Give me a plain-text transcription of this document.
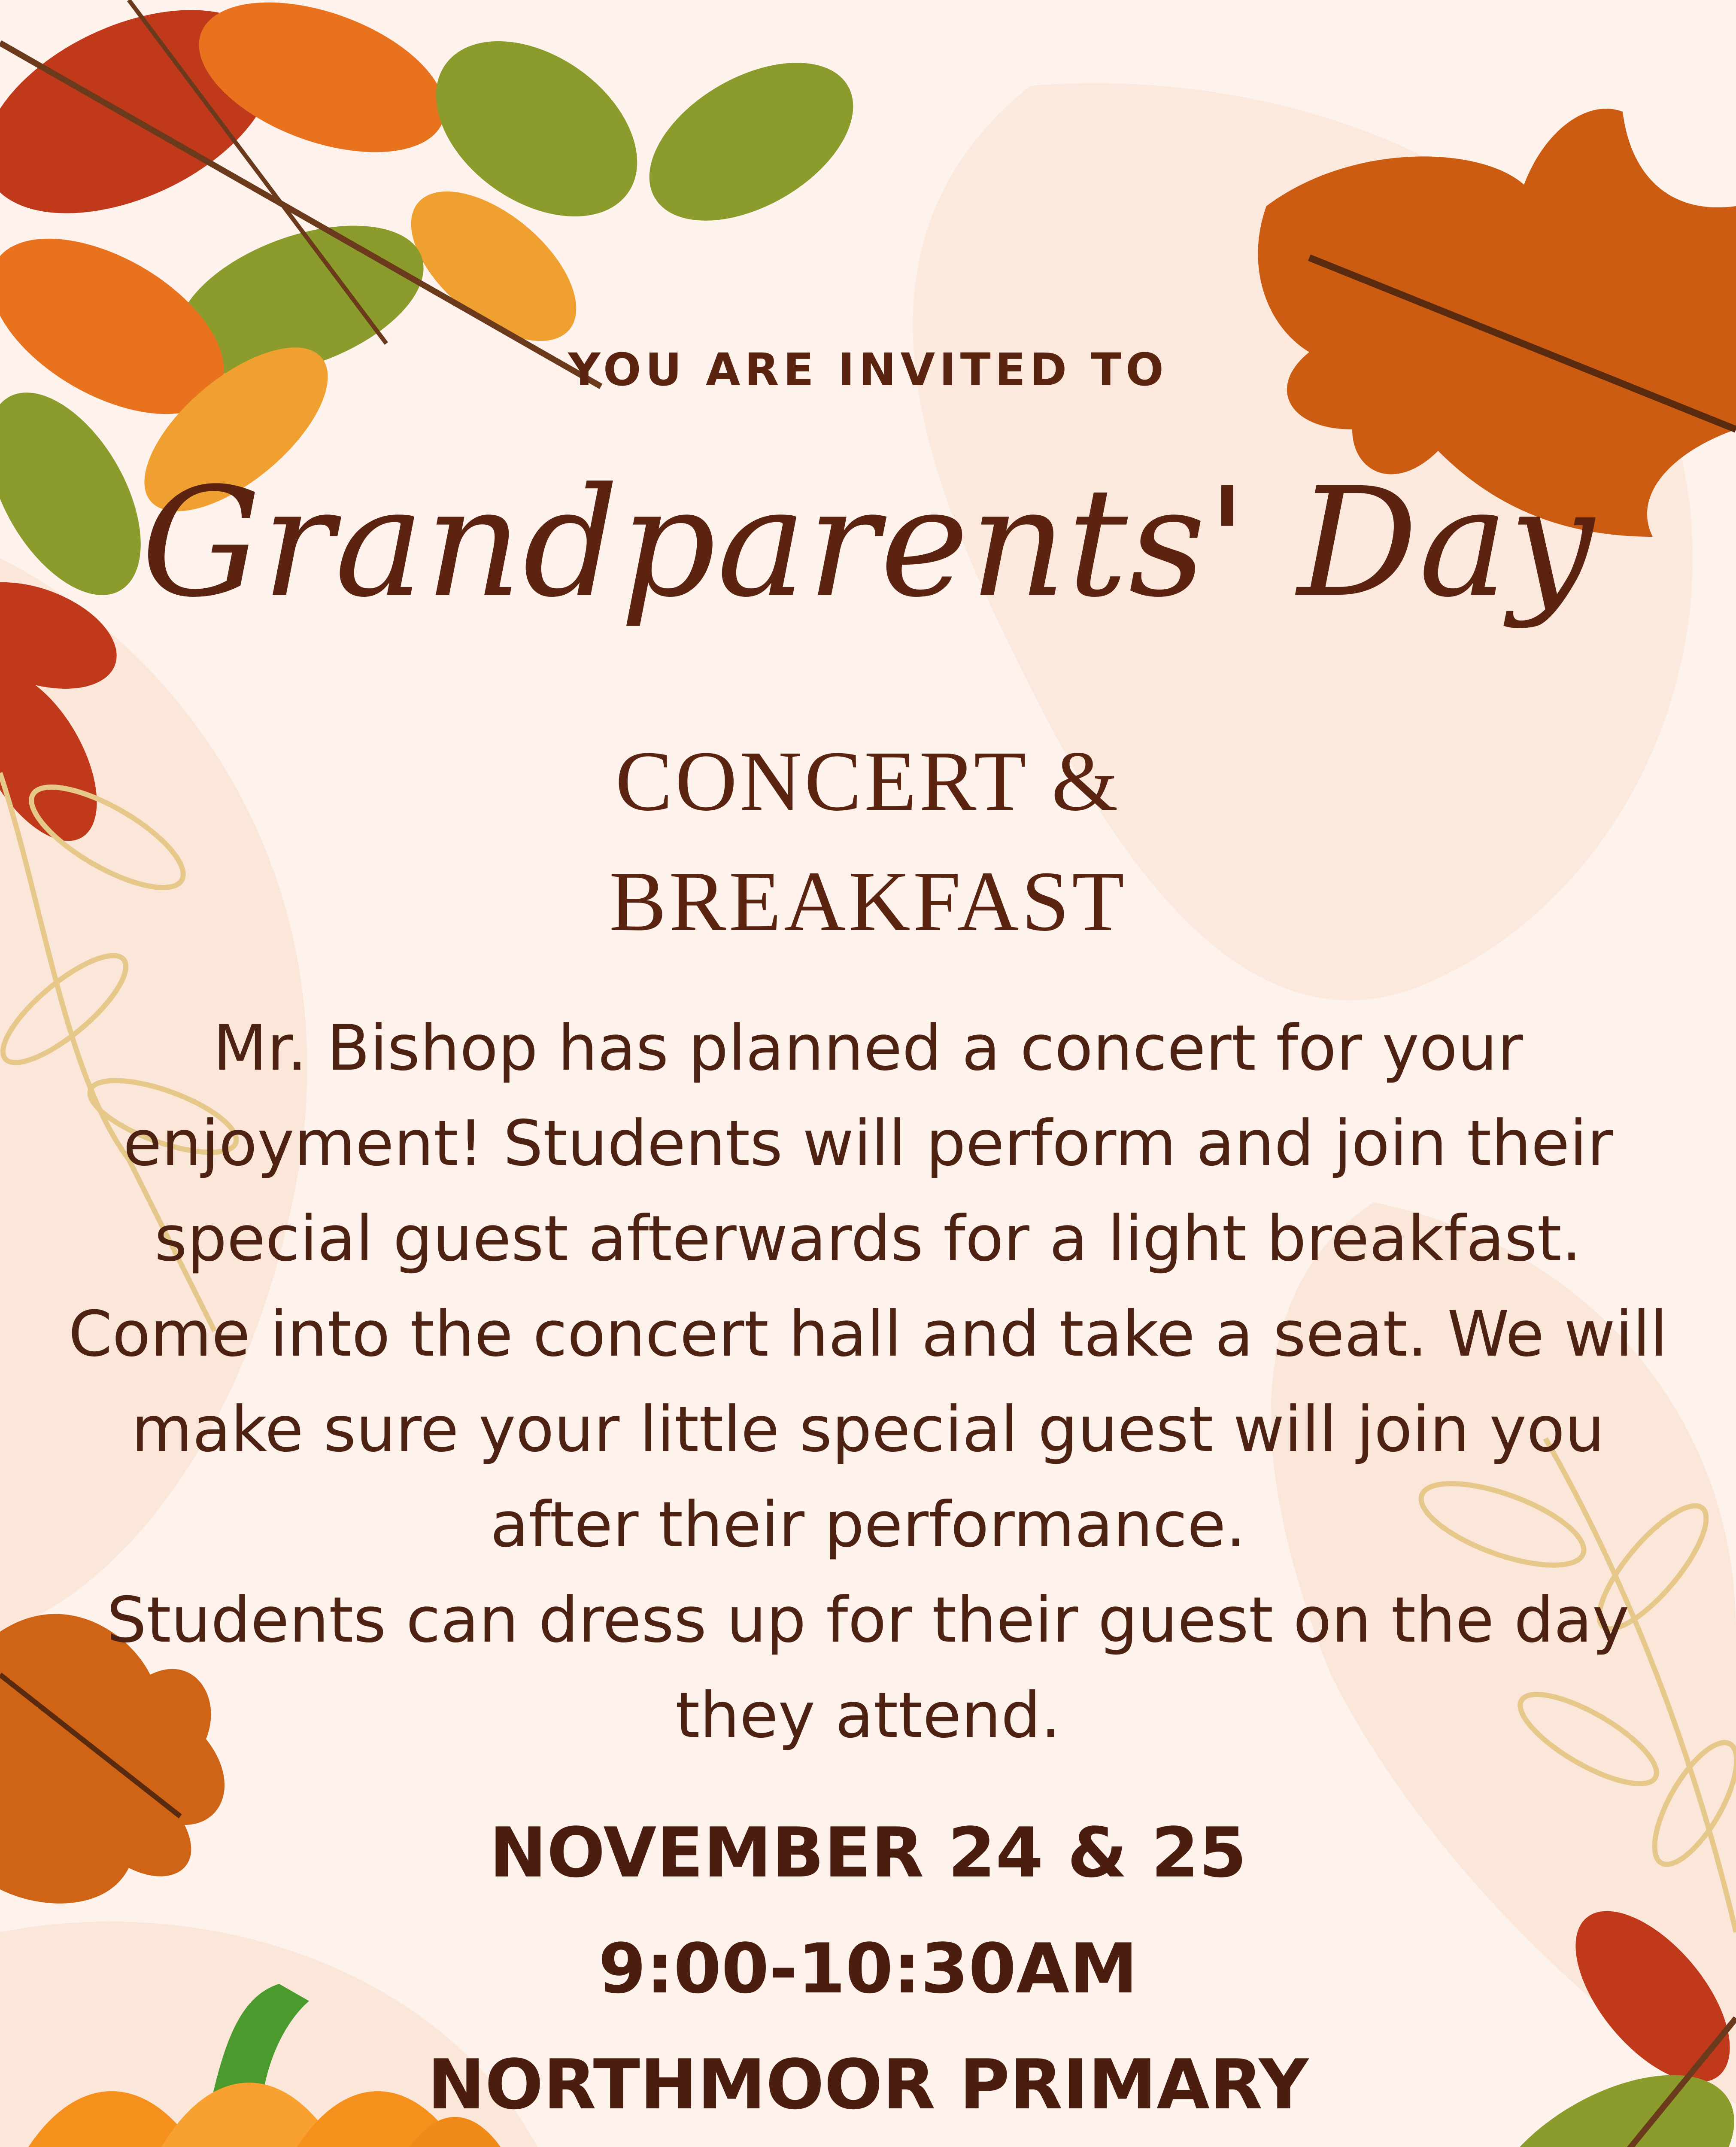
YOU ARE INVITED TO
Grandparents' Day
CONCERT &
BREAKFAST
Mr. Bishop has planned a concert for your
enjoyment! Students will perform and join their
special guest afterwards for a light breakfast.
Come into the concert hall and take a seat. We will
make sure your little special guest will join you
after their performance.
Students can dress up for their guest on the day
they attend.
NOVEMBER 24 & 25
9:00-10:30AM
NORTHMOOR PRIMARY
